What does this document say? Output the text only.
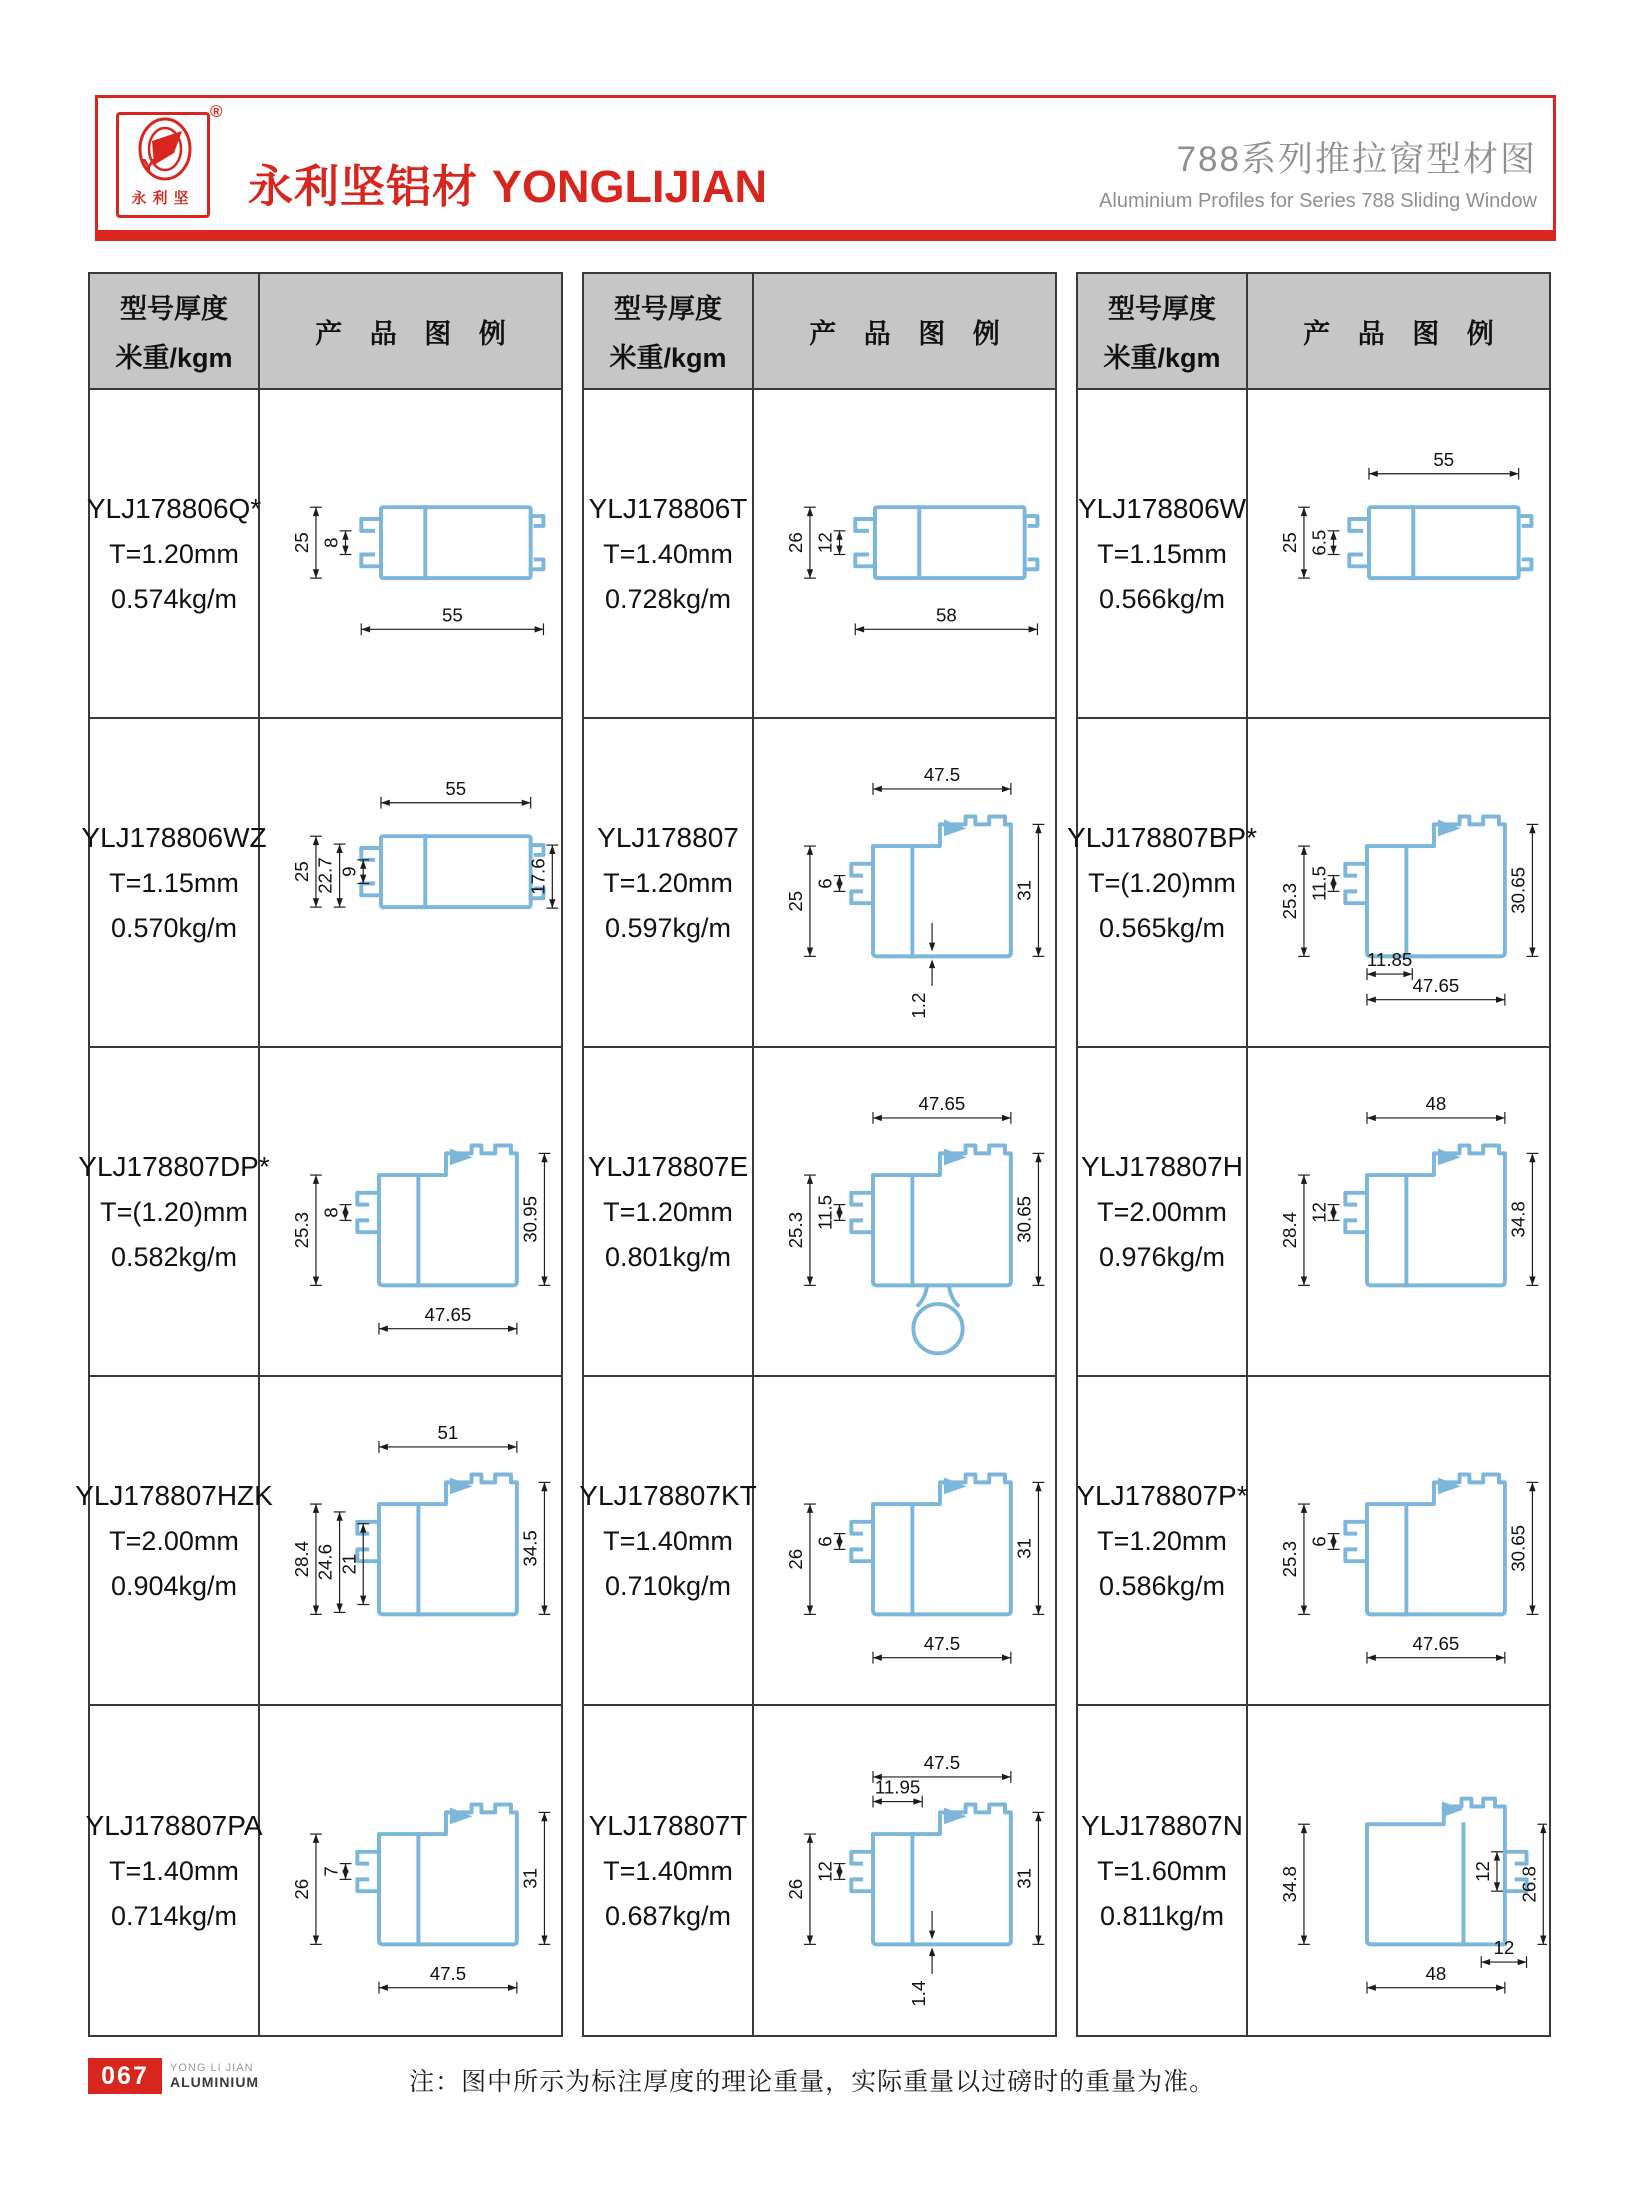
Y
永利坚
®
永利坚铝材 YONGLIJIAN
788系列推拉窗型材图
Aluminium Profiles for Series 788 Sliding Window
型号厚度
米重/kgm
产 品 图 例
YLJ178806Q*
T=1.20mm
0.574kg/m
25 8
55
YLJ178806WZ
T=1.15mm
0.570kg/m
55
25 22.7 9	17.6
YLJ178807DP*
T=(1.20)mm
0.582kg/m
25.3 8	30.95
47.65
YLJ178807HZK
T=2.00mm
0.904kg/m
51
28.4 24.6 21	34.5
YLJ178807PA
T=1.40mm
0.714kg/m
26
7	31
47.5
型号厚度
米重/kgm
产 品 图 例
YLJ178806T
T=1.40mm
0.728kg/m
26 12
58
YLJ178807
T=1.20mm
0.597kg/m
47.5
25
6	31
1.2
YLJ178807E
T=1.20mm
0.801kg/m
47.65
25.3 11.5	30.65
YLJ178807KT
T=1.40mm
0.710kg/m
26
6	31
47.5
YLJ178807T
T=1.40mm
0.687kg/m
47.5
11.95
26
12	31
1.4
型号厚度
米重/kgm
产 品 图 例
YLJ178806W
T=1.15mm
0.566kg/m
55
25 6.5
YLJ178807BP*
T=(1.20)mm
0.565kg/m
25.3 11.5	30.65
11.85
47.65
YLJ178807H
T=2.00mm
0.976kg/m
48
28.4 12	34.8
YLJ178807P*
T=1.20mm
0.586kg/m
25.3 6	30.65
47.65
YLJ178807N
T=1.60mm
0.811kg/m
34.8	12 26.8
12
48
067	YONG LI JIAN
ALUMINIUM	注：图中所示为标注厚度的理论重量，实际重量以过磅时的重量为准。
